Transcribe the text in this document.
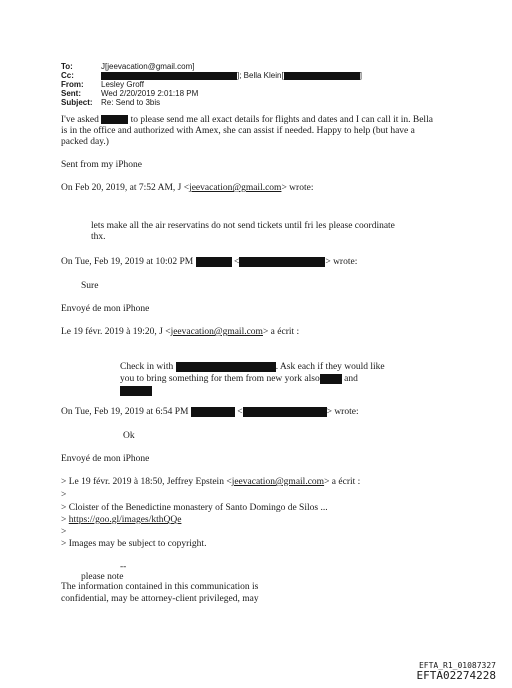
To:	J[jeevacation@gmail.com]
Cc:	]; Bella Klein[	]
From:	Lesley Groff
Sent:	Wed 2/20/2019 2:01:18 PM
Subject:	Re: Send to 3bis
I've asked	to please send me all exact details for flights and dates and I can call it in. Bella
is in the office and authorized with Amex, she can assist if needed. Happy to help (but have a
packed day.)
Sent from my iPhone
On Feb 20, 2019, at 7:52 AM, J <jeevacation@gmail.com> wrote:
lets make all the air reservatins do not send tickets until fri les please coordinate
thx.
On Tue, Feb 19, 2019 at 10:02 PM	<	> wrote:
Sure
Envoyé de mon iPhone
Le 19 févr. 2019 à 19:20, J <jeevacation@gmail.com> a écrit :
Check in with	. Ask each if they would like
you to bring something for them from new york also	and
On Tue, Feb 19, 2019 at 6:54 PM	<	> wrote:
Ok
Envoyé de mon iPhone
> Le 19 févr. 2019 à 18:50, Jeffrey Epstein <jeevacation@gmail.com> a écrit :
>
> Cloister of the Benedictine monastery of Santo Domingo de Silos ...
> https://goo.gl/images/kthQQe
>
> Images may be subject to copyright.
--
please note
The information contained in this communication is
confidential, may be attorney-client privileged, may
EFTA_R1_01087327
EFTA02274228
